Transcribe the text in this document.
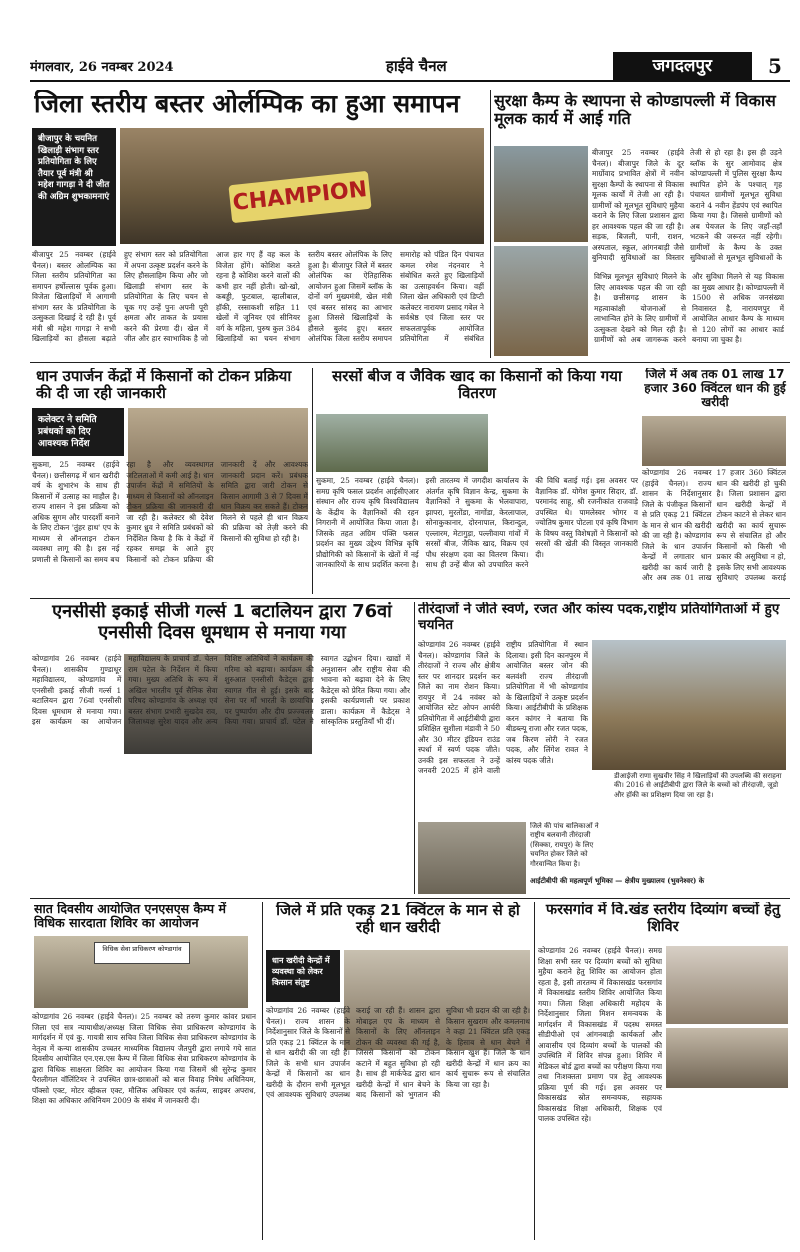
मंगलवार, 26 नवम्बर 2024	हाईवे चैनल	जगदलपुर	5
जिला स्तरीय बस्तर ओर्लम्पिक का हुआ समापन
बीजापुर के चयनित खिलाड़ी संभाग स्तर प्रतियोगिता के लिए तैयार पूर्व मंत्री श्री महेश गागड़ा ने दी जीत की अग्रिम शुभकामनाएं	CHAMPION
बीजापुर 25 नवम्बर (हाईवे चैनल)। बस्तर ओलम्पिक का जिला स्तरीय प्रतियोगिता का समापन हर्षोल्लास पूर्वक हुआ। विजेता खिलाड़ियों में आगामी संभाग स्तर के प्रतियोगिता के उत्सुकता दिखाई दे रही है। पूर्व मंत्री श्री महेश गागड़ा ने सभी खिलाड़ियों का हौसला बढ़ाते हुए संभाग स्तर को प्रतियोगिता में अपना उत्कृष्ट प्रदर्शन करने के लिए हौसलाहिम किया और जो खिलाड़ी संभाग स्तर के प्रतियोगिता के लिए चयन से चूक गए उन्हें पुनः अपनी पूरी क्षमता और ताकत के प्रयास करने की प्रेरणा दी। खेल में जीत और हार स्वाभाविक है जो आज हार गए हैं वह कल के विजेता होंगे। कोशिश करते रहना है कोशिश करने वालों की कभी हार नहीं होती। खो-खो, कबड्डी, फुटबाल, व्हालीबाल, हॉकी, रस्साकशी सहित 11 खेलों में जूनियर एवं सीनियर वर्ग के महिला, पुरुष कुल 384 खिलाड़ियों का चयन संभाग स्तरीय बस्तर ओलंपिक के लिए हुआ है। बीजापुर जिले में बस्तर ओलंपिक का ऐतिहासिक आयोजन हुआ जिसमें ब्लॉक के दोनों वर्ग मुख्यमंत्री, खेल मंत्री एवं बस्तर सांसद का आभार हुआ जिससे खिलाड़ियों के हौसले बुलंद हुए। बस्तर ओलंपिक जिला स्तरीय समापन समारोह को पंडित दिन पंचायत कमल रमेश नंदनवार ने संबोधित करते हुए खिलाड़ियों का उत्साहवर्धन किया। वहीं जिला खेल अधिकारी एवं डिप्टी कलेक्टर नारायण प्रसाद गबेल ने सर्वश्रेष्ठ एवं जिला स्तर पर सफलतापूर्वक आयोजित प्रतियोगिता में संबंधित
सुरक्षा कैम्प के स्थापना से कोण्डापल्ली में विकास मूलक कार्य में आई गति
बीजापुर 25 नवम्बर (हाईवे चैनल)। बीजापुर जिले के दूर मार्ग्रोवाद प्रभावित क्षेत्रों में नवीन सुरक्षा कैम्पों के स्थापना से विकास मूलक कार्यों में तेजी आ रही है। ग्रामीणों को मूलभूत सुविधाएं मुहैया कराने के लिए जिला प्रशासन द्वारा हर आवश्यक पहल की जा रही है। सड़क, बिजली, पानी, राशन, अस्पताल, स्कूल, आंगनबाड़ी जैसे बुनियादी सुविधाओं का विस्तार तेजी से हो रहा है। इस ही उड़ने ब्लॉक के सुर आमोवाद क्षेत्र कोण्डापल्ली में पुलिस सुरक्षा कैम्प स्थापित होने के पश्चात् गृह पंचायत ग्रामीणों मूलभूत सुविधा कराने 4 नवीन हेंडपंप एवं स्थापित किया गया है। जिससे ग्रामीणों को अब पेयजल के लिए जहाँ-तहाँ भटकने की जरूरत नहीं रहेगी। ग्रामीणों के कैम्प के उक्त सुविधाओं से मूलभूत सुविधाओं के
विभिन्न मूलभूत सुविधाएं मिलने के लिए आवश्यक पहल की जा रही है। छत्तीसगढ़ शासन के महत्वाकांक्षी योजनाओं से लाभान्वित होने के लिए ग्रामीणों में उत्सुकता देखने को मिल रही है। ग्रामीणों को अब जागरूक करने और सुविधा मिलने से यह विकास का मुख्य आधार है। कोण्डापल्ली में 1500 से अधिक जनसंख्या निवासरत है, नारायणपुर में आयोजित आधार कैम्प के माध्यम से 120 लोगों का आधार कार्ड बनाया जा चुका है।
धान उपार्जन केंद्रों में किसानों को टोकन प्रक्रिया की दी जा रही जानकारी
कलेक्टर ने समिति प्रबंधकों को दिए आवश्यक निर्देश
सुकमा, 25 नवम्बर (हाईवे चैनल)। छत्तीसगढ़ में धान खरीदी वर्ष के शुभारंभ के साथ ही किसानों में उत्साह का माहौल है। राज्य शासन ने इस प्रक्रिया को अधिक सुगम और पारदर्शी बनाने के लिए टोकन 'तुंहर हाथ' एप के माध्यम से ऑनलाइन टोकन व्यवस्था लागू की है। इस नई प्रणाली से किसानों का समय बच रहा है और व्यवस्थागत जटिलताओं में कमी आई है। धान उपार्जन केंद्रों में समितियों के माध्यम से किसानों को ऑनलाइन टोकन प्रक्रिया की जानकारी दी जा रही है। कलेक्टर श्री देवेश कुमार ध्रुव ने समिति प्रबंधकों को निर्देशित किया है कि वे केंद्रों में रहकर समझ के आते हुए किसानों को टोकन प्रक्रिया की जानकारी दें और आवश्यक जानकारी प्रदान करें। प्रबंधक समिति द्वारा जारी टोकन से किसान आगामी 3 से 7 दिवस में धान विक्रय कर सकते हैं। टोकन मिलने से पहले ही धान विक्रय की प्रक्रिया को तेज़ी करने की किसानों की सुविधा हो रही है।
सरसों बीज व जैविक खाद का किसानों को किया गया वितरण
सुकमा, 25 नवम्बर (हाईवे चैनल)। समग्र कृषि फसल प्रदर्शन आईसीएआर संस्थान और राज्य कृषि विश्वविद्यालय के केंद्रीय के वैज्ञानिकों की रहन निगरानी में आयोजित किया जाता है। जिसके तहत अग्रिम पंक्ति फसल प्रदर्शन का मुख्य उद्देश्य विभिन्न कृषि प्रौद्योगिकी को किसानों के खेतों में नई जानकारियों के साथ प्रदर्शित करना है। इसी तारतम्य में जगदीश कार्यालय के अंतर्गत कृषि विज्ञान केन्द्र, सुकमा के वैज्ञानिकों ने सुकमा के भेलवापारा, झापरा, मुरतोंडा, नागोंडा, केरलापाल, सोनाकुकानार, दोरनापाल, किरान्दुल, एल्लारम, मेटागुड़ा, पल्लीवाया गांवों में सरसों बीज, जैविक खाद, विक्रय एवं पौध संरक्षण दवा का वितरण किया। साथ ही उन्हें बीज को उपचारित करने की विधि बताई गई। इस अवसर पर वैज्ञानिक डॉ. योगेश कुमार सिदार, डॉ. परमानंद साहू, श्री रजनीकांत राजवाड़े उपस्थित थे। पामलेस्वर भोगर व ज्योतिष कुमार पोटला एवं कृषि विभाग के विषय वस्तु विशेषज्ञों ने किसानों को सरसों की खेती की विस्तृत जानकारी दी।
जिले में अब तक 01 लाख 17 हजार 360 क्विंटल धान की हुई खरीदी
कोण्डागांव 26 नवम्बर (हाईवे चैनल)। राज्य शासन के निर्देशानुसार जिले के पंजीकृत किसानों से प्रति एकड़ 21 क्विंटल के मान से धान की खरीदी की जा रही है। कोण्डागांव जिले के धान उपार्जन केन्द्रों में लगातार धान खरीदी का कार्य जारी है और अब तक 01 लाख 17 हजार 360 क्विंटल धान की खरीदी हो चुकी है। जिला प्रशासन द्वारा धान खरीदी केन्द्रों में टोकन काटने से लेकर धान खरीदी का कार्य सुचारू रूप से संचालित हो और किसानों को किसी भी प्रकार की असुविधा न हो, इसके लिए सभी आवश्यक सुविधाएं उपलब्ध कराई
एनसीसी इकाई सीजी गर्ल्स 1 बटालियन द्वारा 76वां एनसीसी दिवस धूमधाम से मनाया गया
कोण्डागांव 26 नवम्बर (हाईवे चैनल)। शासकीय गुण्डाधूर महाविद्यालय, कोण्डागांव में एनसीसी इकाई सीजी गर्ल्स 1 बटालियन द्वारा 76वां एनसीसी दिवस धूमधाम से मनाया गया। इस कार्यक्रम का आयोजन महाविद्यालय के प्राचार्य डॉ. चेतन राम पटेल के निर्देशन में किया गया। मुख्य अतिथि के रूप में अखिल भारतीय पूर्व सैनिक सेवा परिषद कोण्डागांव के अध्यक्ष एवं बस्तर संभाग प्रभारी सुखदेव राव, जिलाध्यक्ष सुरेश यादव और अन्य विशिष्ट अतिथियों ने कार्यक्रम की गरिमा को बढ़ाया। कार्यक्रम की शुरुआत एनसीसी कैडेट्स द्वारा स्वागत गीत से हुई। इसके बाद सेना पर माँ भारती के छायाचित्र पर पुष्पार्पण और दीप प्रज्ज्वलन किया गया। प्राचार्य डॉ. पटेल ने स्वागत उद्बोधन दिया। खाद्यों में अनुशासन और राष्ट्रीय सेवा की भावना को बढ़ावा देने के लिए कैडेट्स को प्रेरित किया गया। और इसकी कार्यप्रणाली पर प्रकाश डाला। कार्यक्रम में कैडेट्स ने सांस्कृतिक प्रस्तुतियाँ भी दीं।
तीरंदाजों ने जीते स्वर्ण, रजत और कांस्य पदक,राष्ट्रीय प्रतियोगिताओं में हुए चयनित
कोण्डागांव 26 नवम्बर (हाईवे चैनल)। कोण्डागांव जिले के तीरंदाजों ने राज्य और क्षेत्रीय स्तर पर शानदार प्रदर्शन कर जिले का नाम रोशन किया। रायपुर में 24 नवंबर को आयोजित स्टेट ओपन आर्चरी प्रतियोगिता में आईटीबीपी द्वारा प्रशिक्षित सुशीला मंडावी ने 50 और 30 मीटर इंडियन राउंड स्पर्धा में स्वर्ण पदक जीते। उनकी इस सफलता ने उन्हें जनवरी 2025 में होने वाली राष्ट्रीय प्रतियोगिता में स्थान दिलाया। इसी दिन कानपुरम में आयोजित बस्तर जोन की बलवंशी राज्य तीरंदाजी प्रतियोगिता में भी कोण्डागांव के खिलाड़ियों ने उत्कृष्ट प्रदर्शन किया। आईटीबीपी के प्रशिक्षक करन कांगर ने बताया कि बीडब्ल्यू राजा और रजत पदक, जब किरण लोरी ने रजत पदक, और लिंगेश रावत ने कांस्य पदक जीते।
जिले की पांच बालिकाओं ने राष्ट्रीय बलवानी तीरंदाजी (सिक्का, रायपुर) के लिए चयनित होकर जिले को गौरवान्वित किया है।
डीआईजी राणा सुखवीर सिंह ने खिलाड़ियों की उपलब्धि की सराहना की। 2016 से आईटीबीपी द्वारा जिले के बच्चों को तीरंदाजी, जूडो और हॉकी का प्रशिक्षण दिया जा रहा है।
आईटीबीपी की महत्वपूर्ण भूमिका — क्षेत्रीय मुख्यालय (भुवनेश्वर) के
सात दिवसीय आयोजित एनएसएस कैम्प में विधिक सारदाता शिविर का आयोजन
विधिक सेवा प्राधिकरण कोण्डागांव
कोण्डागांव 26 नवम्बर (हाईवे चैनल)। 25 नवम्बर को तरुण कुमार कांवर प्रधान जिला एवं सत्र न्यायाधीश/अध्यक्ष जिला विधिक सेवा प्राधिकरण कोण्डागांव के मार्गदर्शन में एवं कु. गायत्री साय सचिव जिला विधिक सेवा प्राधिकरण कोण्डागांव के नेतृत्व में कन्या शासकीय उच्चतर माध्यमिक विद्यालय जैतपुरी द्वारा लगाये गये सात दिवसीय आयोजित एन.एस.एस कैम्प में जिला विधिक सेवा प्राधिकरण कोण्डागांव के द्वारा विधिक साक्षरता शिविर का आयोजन किया गया जिसमें श्री सुरेन्द्र कुमार पैरालीगल वॉलिंटियर ने उपस्थित छात्र-छात्राओं को बाल विवाह निषेध अधिनियम, पॉक्सो एक्ट, मोटर व्हीकल एक्ट, मौलिक अधिकार एवं कर्तव्य, साइबर अपराध, शिक्षा का अधिकार अधिनियम 2009 के संबंध में जानकारी दी।
जिले में प्रति एकड़ 21 क्विंटल के मान से हो रही धान खरीदी
धान खरीदी केन्द्रों में व्यवस्था को लेकर किसान संतुष्ट
कोण्डागांव 26 नवम्बर (हाईवे चैनल)। राज्य शासन के निर्देशानुसार जिले के किसानों से प्रति एकड़ 21 क्विंटल के मान से धान खरीदी की जा रही है। जिले के सभी धान उपार्जन केन्द्रों में किसानों का धान खरीदी के दौरान सभी मूलभूत एवं आवश्यक सुविधाएं उपलब्ध कराई जा रही हैं। शासन द्वारा मोबाइल एप के माध्यम से किसानों के लिए ऑनलाइन टोकन की व्यवस्था की गई है, जिससे किसानों को टोकन कटाने में बहुत सुविधा हो रही है। साथ ही मार्कफेड द्वारा धान खरीदी केन्द्रों में धान बेचने के बाद किसानों को भुगतान की सुविधा भी प्रदान की जा रही है। किसान सुखराम और कमलनाथ ने कहा 21 क्विंटल प्रति एकड़ के हिसाब से धान बेचने में किसान खुश हैं। जिले के धान खरीदी केन्द्रों में धान क्रय का कार्य सुचारू रूप से संचालित किया जा रहा है।
फरसगांव में वि.खंड स्तरीय दिव्यांग बच्चों हेतु शिविर
कोण्डागांव 26 नवम्बर (हाईवे चैनल)। समग्र शिक्षा सभी स्तर पर दिव्यांग बच्चों को सुविधा मुहैया कराने हेतु शिविर का आयोजन होता रहता है, इसी तारतम्य में विकासखंड फरसगांव में विकासखंड स्तरीय शिविर आयोजित किया गया। जिला शिक्षा अधिकारी महोदय के निर्देशानुसार जिला मिशन समन्वयक के मार्गदर्शन में विकासखंड में पदस्थ समस्त सीडीपीओ एवं आंगनबाड़ी कार्यकर्ता और आवासीय एवं दिव्यांग बच्चों के पालकों की उपस्थिति में शिविर संपन्न हुआ। शिविर में मेडिकल बोर्ड द्वारा बच्चों का परीक्षण किया गया तथा निःशक्तता प्रमाण पत्र हेतु आवश्यक प्रक्रिया पूर्ण की गई। इस अवसर पर विकासखंड स्रोत समन्वयक, सहायक विकासखंड शिक्षा अधिकारी, शिक्षक एवं पालक उपस्थित रहे।
